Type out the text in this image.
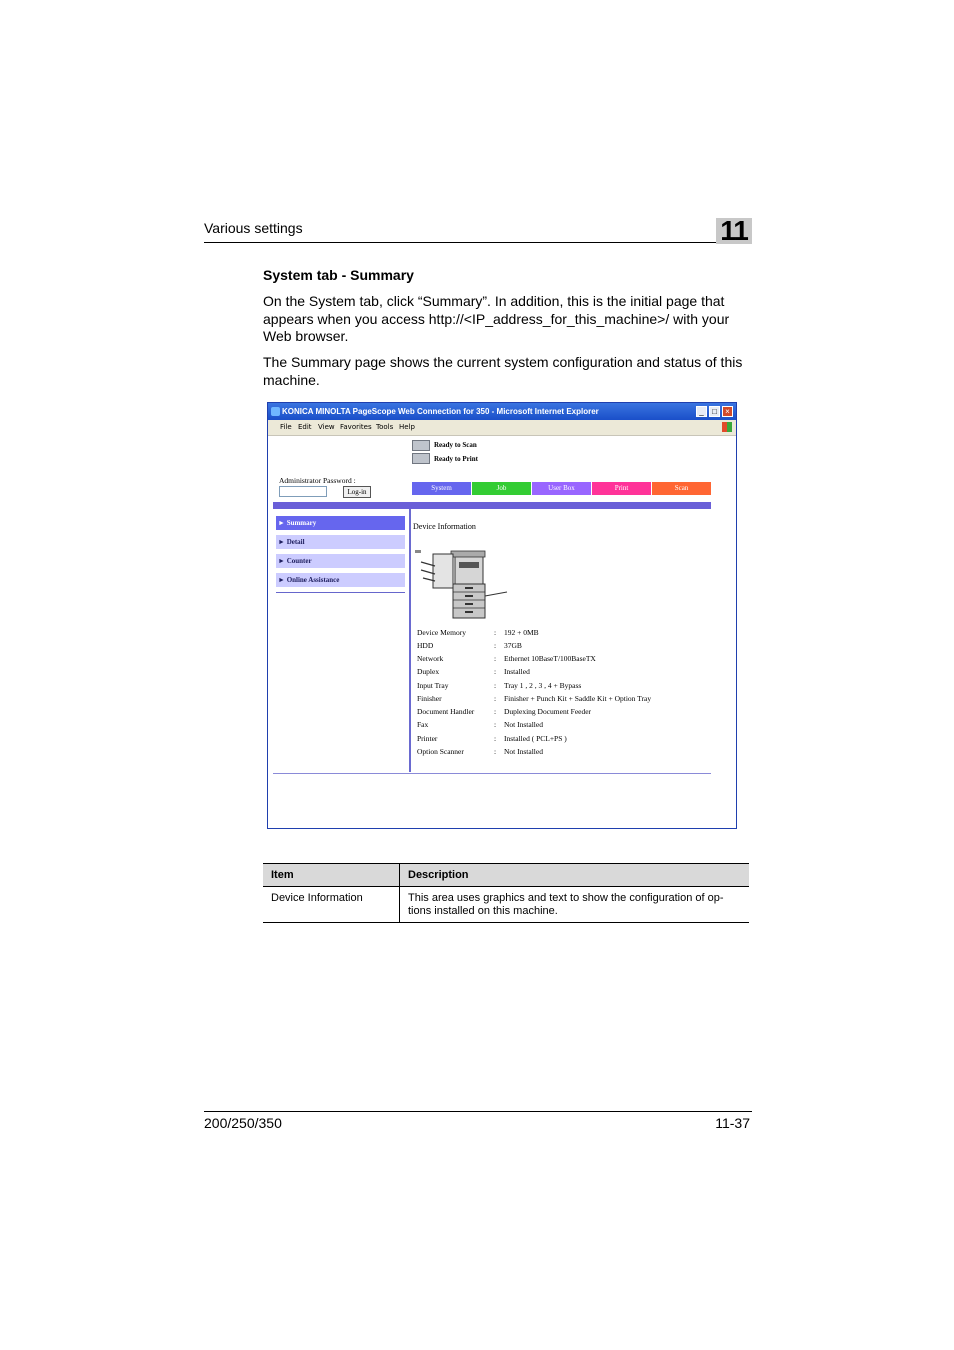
Various settings	11
System tab - Summary
On the System tab, click “Summary”. In addition, this is the initial page that appears when you access http://<IP_address_for_this_machine>/ with your Web browser.
The Summary page shows the current system configuration and status of this machine.
KONICA MINOLTA PageScope Web Connection for 350 - Microsoft Internet Explorer	_	□	×
File Edit View Favorites Tools Help
Ready to Scan
Ready to Print
Administrator Password :
Log-in	System	Job	User Box	Print	Scan
► Summary
► Detail
► Counter
► Online Assistance
Device Information
Device Memory	: 192 + 0MB
HDD	: 37GB
Network	: Ethernet 10BaseT/100BaseTX
Duplex	: Installed
Input Tray	: Tray 1 , 2 , 3 , 4 + Bypass
Finisher	: Finisher + Punch Kit + Saddle Kit + Option Tray
Document Handler	: Duplexing Document Feeder
Fax	: Not Installed
Printer	: Installed ( PCL+PS )
Option Scanner	: Not Installed
Item	Description
Device Information	This area uses graphics and text to show the configuration of op-
tions installed on this machine.
200/250/350	11-37
